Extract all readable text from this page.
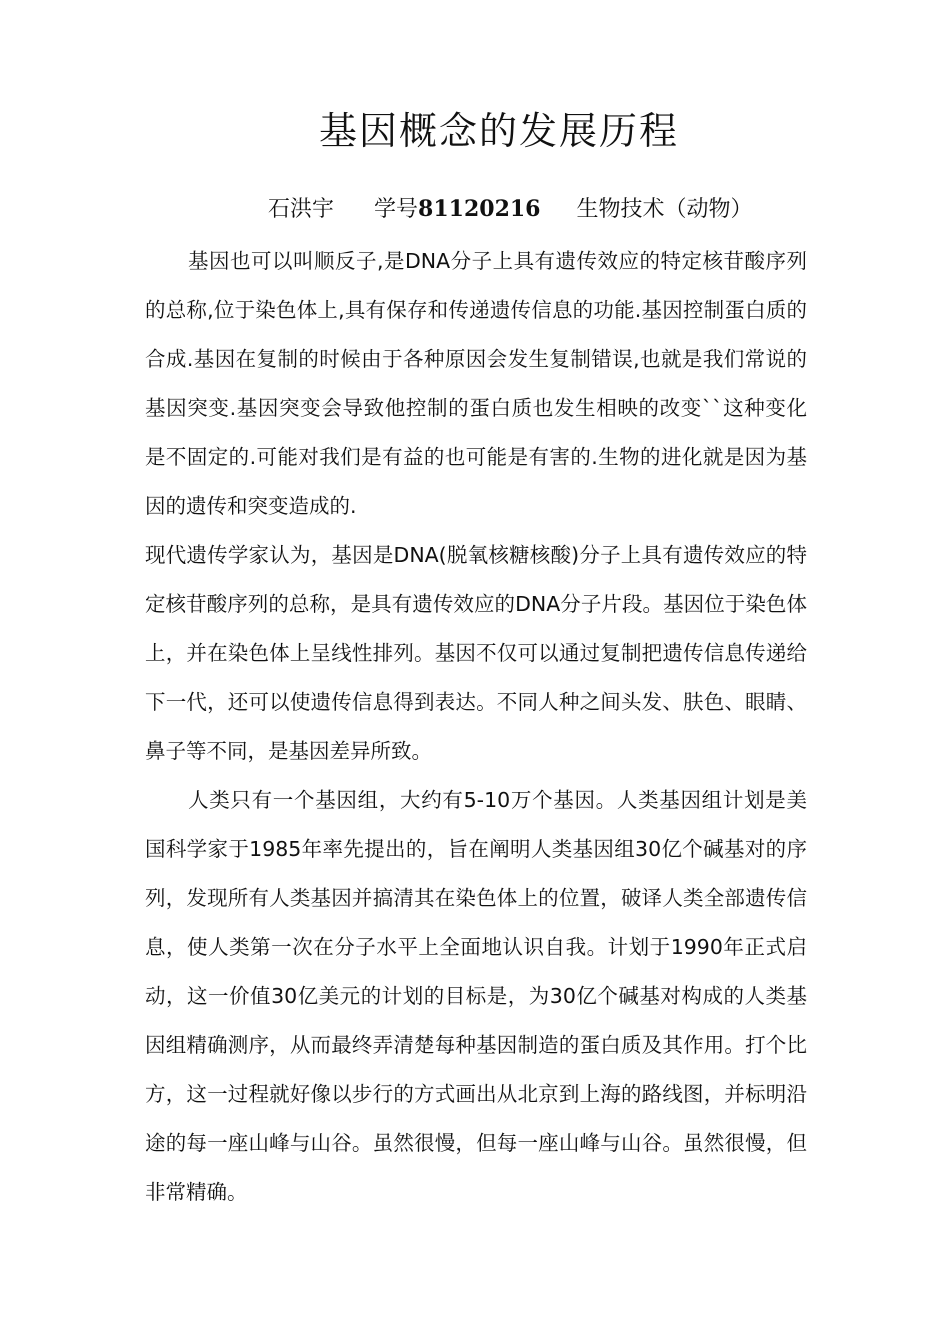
基因概念的发展历程
石洪宇 学号81120216 生物技术（动物）

基因也可以叫顺反子,是DNA分子上具有遗传效应的特定核苷酸序列的总称,位于染色体上,具有保存和传递遗传信息的功能.基因控制蛋白质的合成.基因在复制的时候由于各种原因会发生复制错误,也就是我们常说的基因突变.基因突变会导致他控制的蛋白质也发生相映的改变``这种变化是不固定的.可能对我们是有益的也可能是有害的.生物的进化就是因为基因的遗传和突变造成的.

现代遗传学家认为，基因是DNA(脱氧核糖核酸)分子上具有遗传效应的特定核苷酸序列的总称，是具有遗传效应的DNA分子片段。基因位于染色体上，并在染色体上呈线性排列。基因不仅可以通过复制把遗传信息传递给下一代，还可以使遗传信息得到表达。不同人种之间头发、肤色、眼睛、鼻子等不同，是基因差异所致。

人类只有一个基因组，大约有5-10万个基因。人类基因组计划是美国科学家于1985年率先提出的，旨在阐明人类基因组30亿个碱基对的序列，发现所有人类基因并搞清其在染色体上的位置，破译人类全部遗传信息，使人类第一次在分子水平上全面地认识自我。计划于1990年正式启动，这一价值30亿美元的计划的目标是，为30亿个碱基对构成的人类基因组精确测序，从而最终弄清楚每种基因制造的蛋白质及其作用。打个比方，这一过程就好像以步行的方式画出从北京到上海的路线图，并标明沿途的每一座山峰与山谷。虽然很慢，但每一座山峰与山谷。虽然很慢，但非常精确。
